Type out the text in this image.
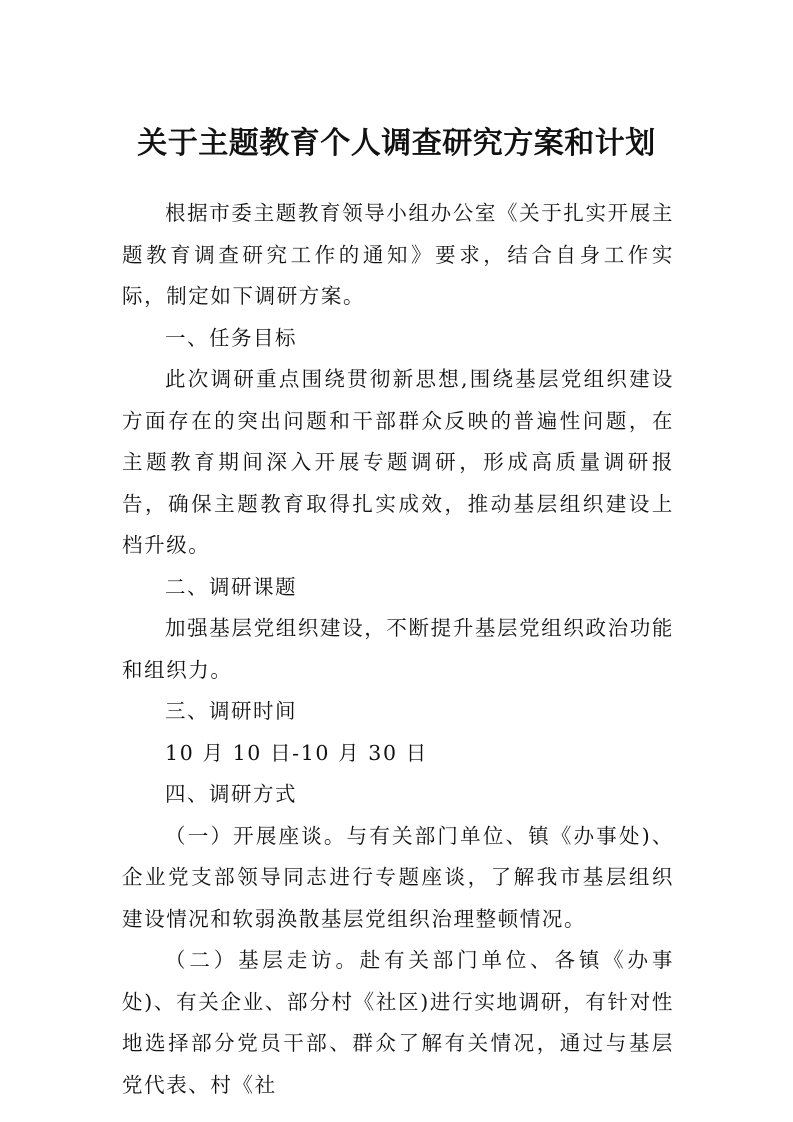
关于主题教育个人调查研究方案和计划

根据市委主题教育领导小组办公室《关于扎实开展主题教育调查研究工作的通知》要求，结合自身工作实际，制定如下调研方案。

一、任务目标

此次调研重点围绕贯彻新思想,围绕基层党组织建设方面存在的突出问题和干部群众反映的普遍性问题，在主题教育期间深入开展专题调研，形成高质量调研报告，确保主题教育取得扎实成效，推动基层组织建设上档升级。

二、调研课题

加强基层党组织建设，不断提升基层党组织政治功能和组织力。

三、调研时间

10 月 10 日-10 月 30 日

四、调研方式

（一）开展座谈。与有关部门单位、镇《办事处)、企业党支部领导同志进行专题座谈，了解我市基层组织建设情况和软弱涣散基层党组织治理整顿情况。

（二）基层走访。赴有关部门单位、各镇《办事处)、有关企业、部分村《社区)进行实地调研，有针对性地选择部分党员干部、群众了解有关情况，通过与基层党代表、村《社
